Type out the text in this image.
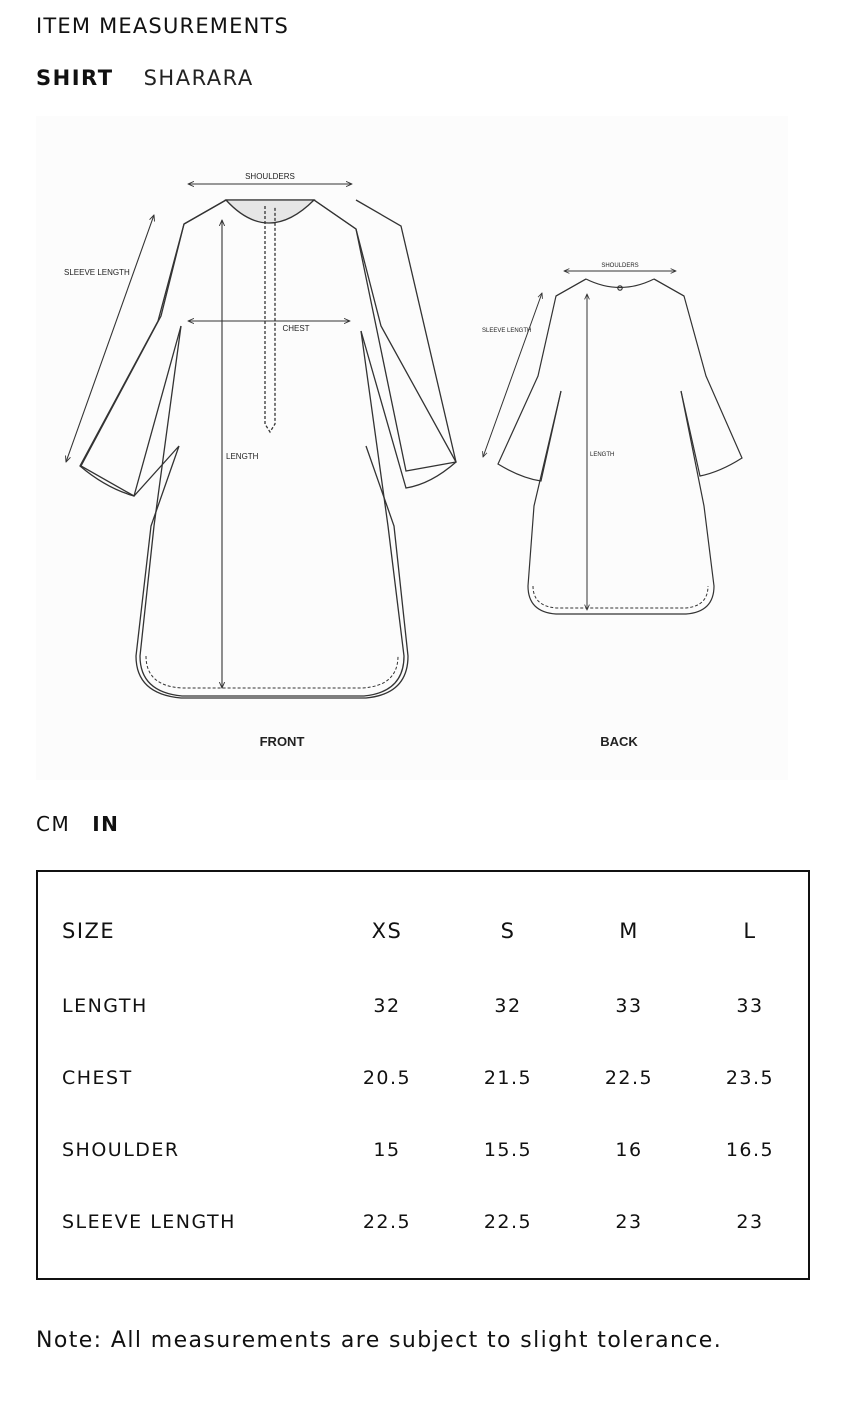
ITEM MEASUREMENTS
SHIRT SHARARA
SHOULDERS
CHEST
LENGTH
SLEEVE LENGTH
FRONT
SHOULDERS
LENGTH
SLEEVE LENGTH
BACK
CM IN
SIZE	XS	S	M	L
LENGTH	32	32	33	33
CHEST	20.5	21.5	22.5	23.5
SHOULDER	15	15.5	16	16.5
SLEEVE LENGTH	22.5	22.5	23	23
Note: All measurements are subject to slight tolerance.
